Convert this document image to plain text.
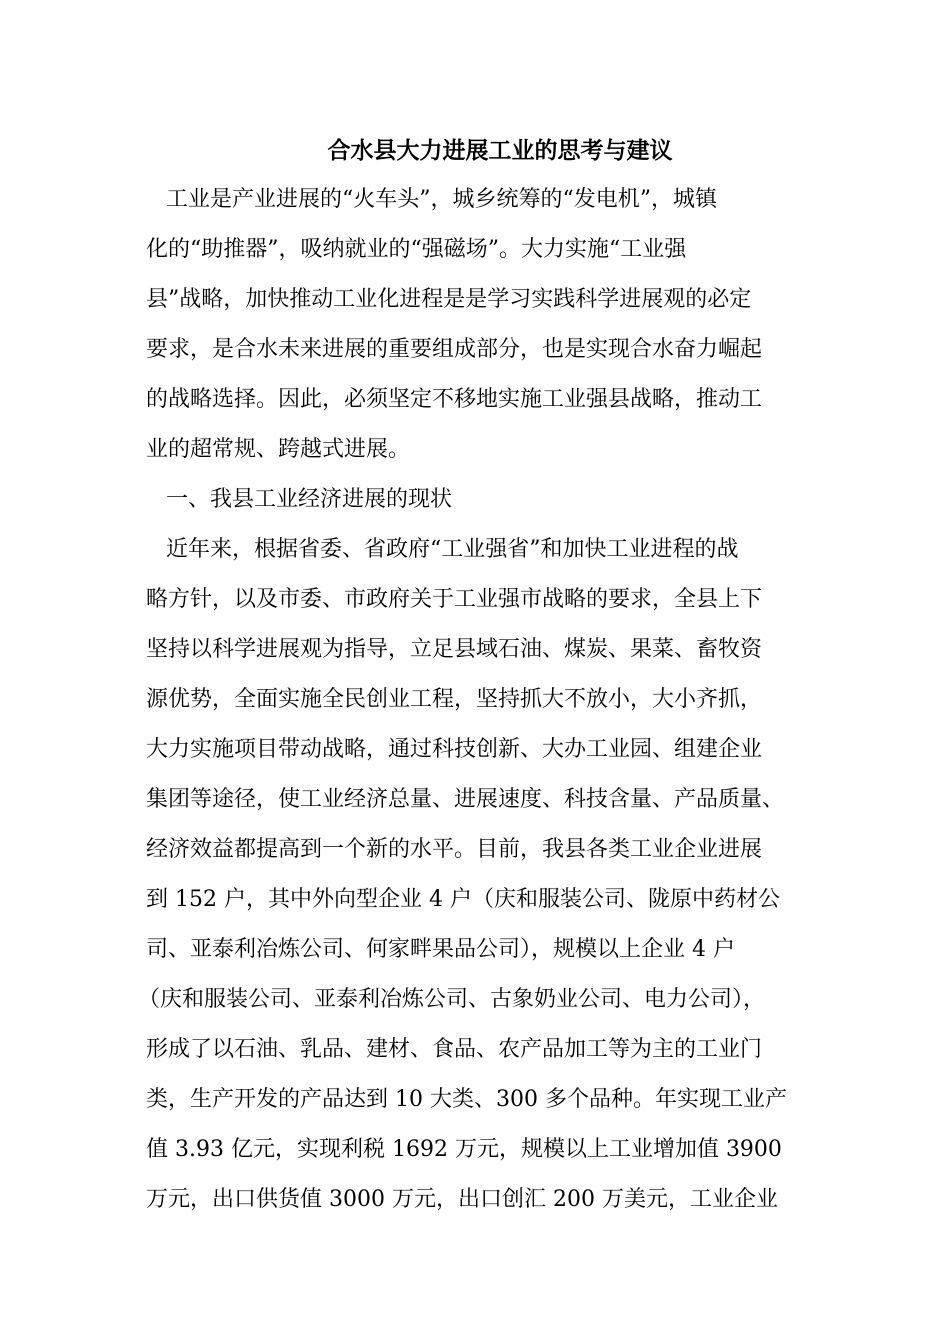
合水县大力进展工业的思考与建议
工业是产业进展的“火车头”，城乡统筹的“发电机”，城镇
化的“助推器”，吸纳就业的“强磁场”。大力实施“工业强
县”战略，加快推动工业化进程是是学习实践科学进展观的必定
要求，是合水未来进展的重要组成部分，也是实现合水奋力崛起
的战略选择。因此，必须坚定不移地实施工业强县战略，推动工
业的超常规、跨越式进展。
一、我县工业经济进展的现状
近年来，根据省委、省政府“工业强省”和加快工业进程的战
略方针，以及市委、市政府关于工业强市战略的要求，全县上下
坚持以科学进展观为指导，立足县域石油、煤炭、果菜、畜牧资
源优势，全面实施全民创业工程，坚持抓大不放小，大小齐抓，
大力实施项目带动战略，通过科技创新、大办工业园、组建企业
集团等途径，使工业经济总量、进展速度、科技含量、产品质量、
经济效益都提高到一个新的水平。目前，我县各类工业企业进展
到 152 户，其中外向型企业 4 户（庆和服装公司、陇原中药材公
司、亚泰利冶炼公司、何家畔果品公司），规模以上企业 4 户
（庆和服装公司、亚泰利冶炼公司、古象奶业公司、电力公司），
形成了以石油、乳品、建材、食品、农产品加工等为主的工业门
类，生产开发的产品达到 10 大类、300 多个品种。年实现工业产
值 3.93 亿元，实现利税 1692 万元，规模以上工业增加值 3900
万元，出口供货值 3000 万元，出口创汇 200 万美元，工业企业
